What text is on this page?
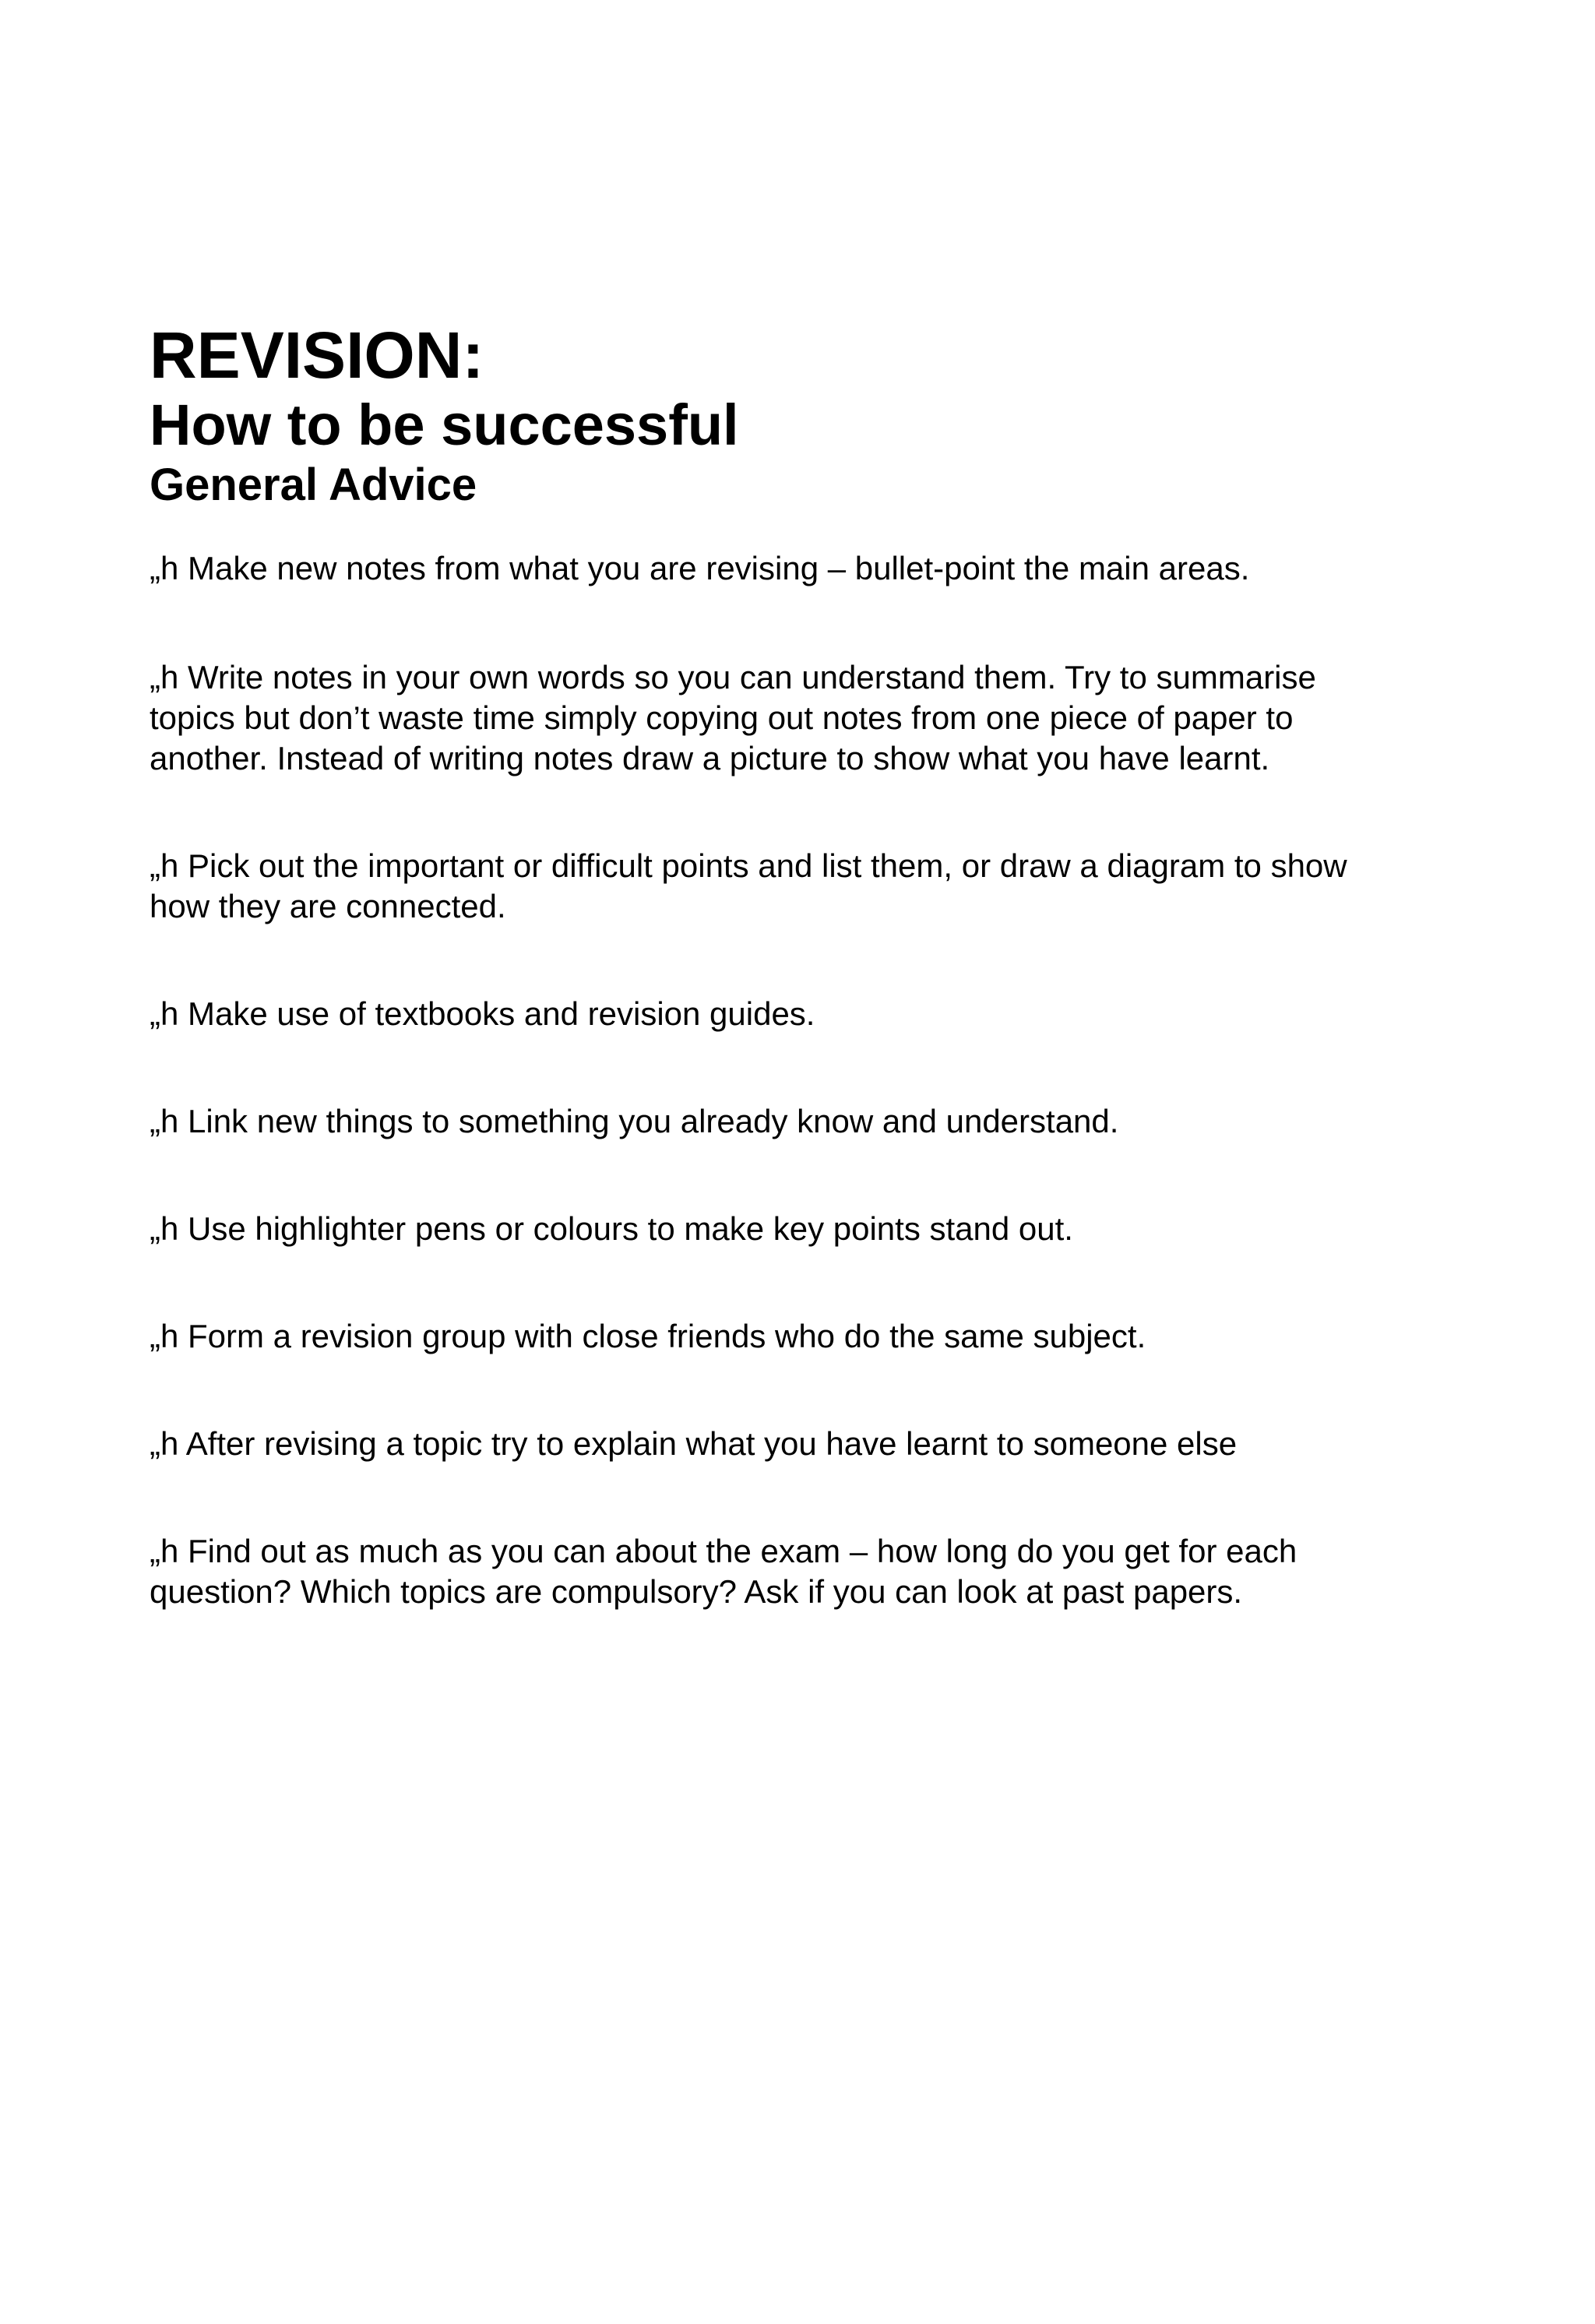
REVISION:
How to be successful
General Advice
„h Make new notes from what you are revising – bullet-point the main areas.
„h Write notes in your own words so you can understand them. Try to summarise
topics but don’t waste time simply copying out notes from one piece of paper to
another. Instead of writing notes draw a picture to show what you have learnt.
„h Pick out the important or difficult points and list them, or draw a diagram to show
how they are connected.
„h Make use of textbooks and revision guides.
„h Link new things to something you already know and understand.
„h Use highlighter pens or colours to make key points stand out.
„h Form a revision group with close friends who do the same subject.
„h After revising a topic try to explain what you have learnt to someone else
„h Find out as much as you can about the exam – how long do you get for each
question? Which topics are compulsory? Ask if you can look at past papers.
